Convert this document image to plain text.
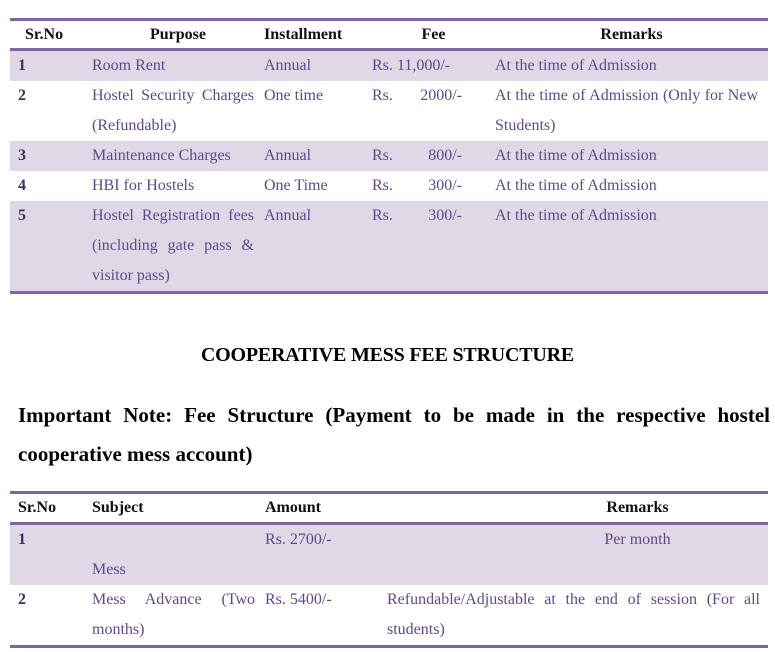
Sr.No	Purpose	Installment	Fee	Remarks
1	Room Rent	Annual	Rs. 11,000/-	At the time of Admission
2	Hostel Security Charges (Refundable)	One time	Rs. 2000/-	At the time of Admission (Only for New Students)

3	Maintenance Charges	Annual	Rs. 800/-	At the time of Admission
4	HBI for Hostels	One Time	Rs. 300/-	At the time of Admission
5	Hostel Registration fees (including gate pass & visitor pass)	Annual	Rs. 300/-	At the time of Admission
COOPERATIVE MESS FEE STRUCTURE
Important Note: Fee Structure (Payment to be made in the respective hostel cooperative mess account)
Sr.No	Subject	Amount	Remarks
1	Mess	Rs. 2700/-	Per month
2	Mess Advance (Two months)	Rs. 5400/-	Refundable/Adjustable at the end of session (For all students)
